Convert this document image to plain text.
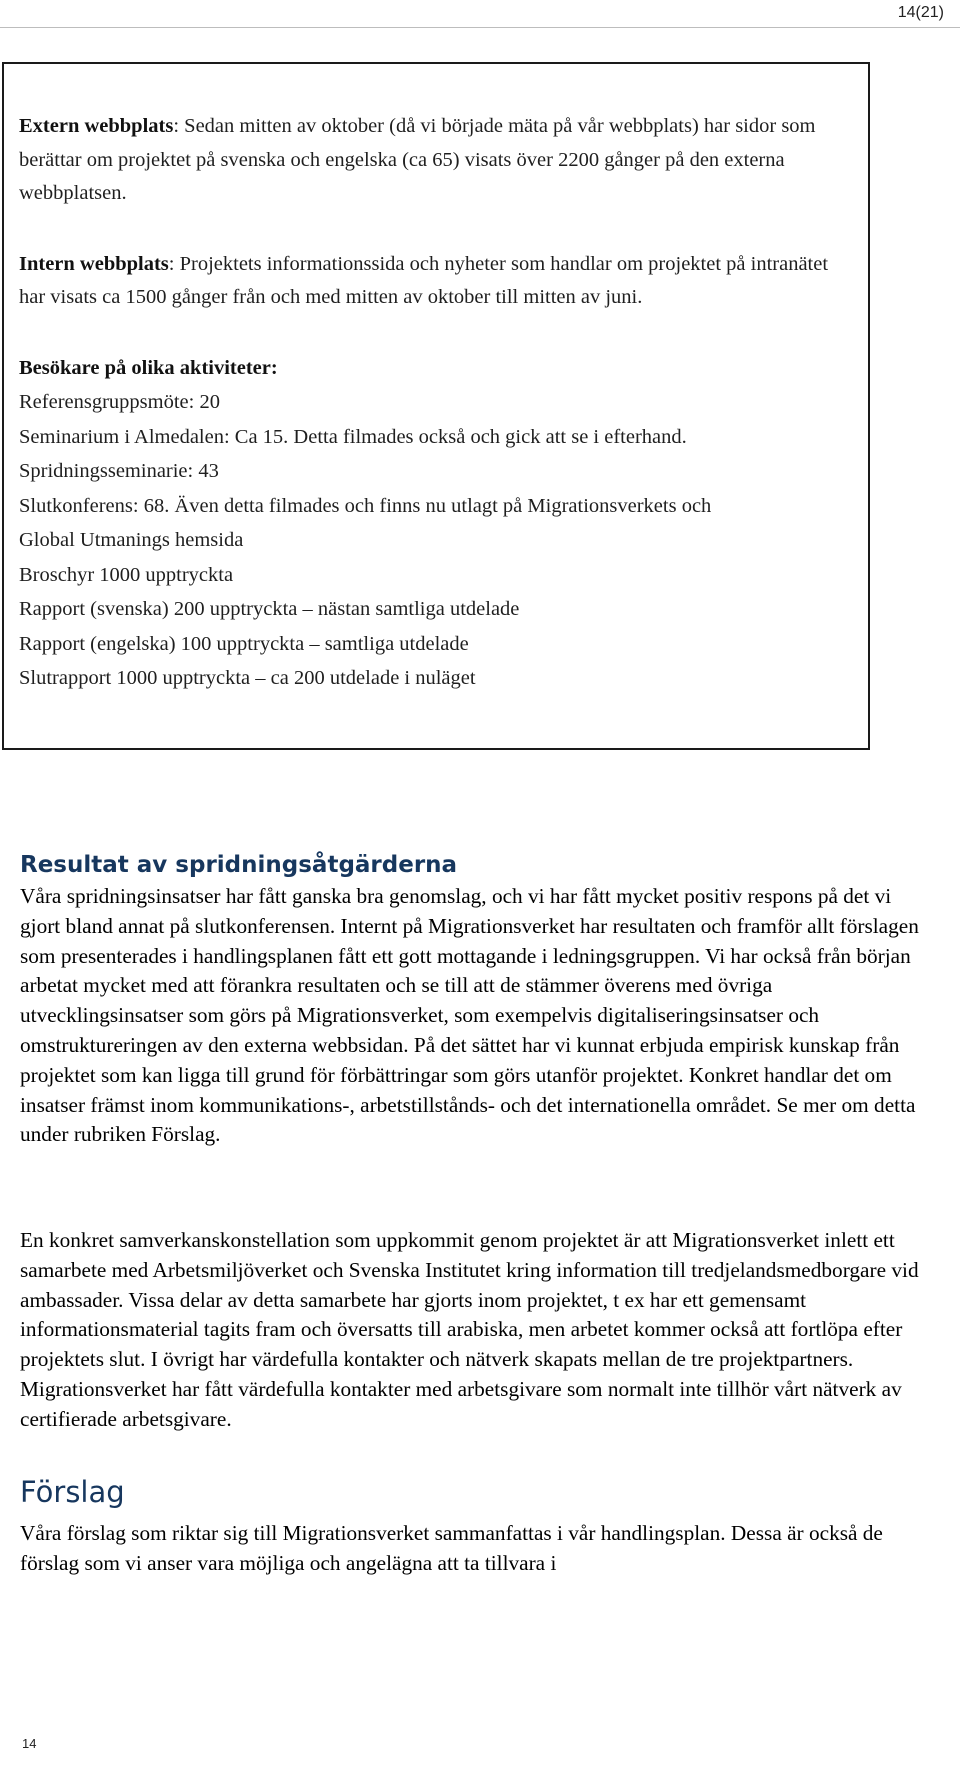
14(21)

Extern webbplats: Sedan mitten av oktober (då vi började mäta på vår webbplats) har sidor som berättar om projektet på svenska och engelska (ca 65) visats över 2200 gånger på den externa webbplatsen.

Intern webbplats: Projektets informationssida och nyheter som handlar om projektet på intranätet har visats ca 1500 gånger från och med mitten av oktober till mitten av juni.

Besökare på olika aktiviteter:

Referensgruppsmöte: 20
Seminarium i Almedalen: Ca 15. Detta filmades också och gick att se i efterhand.
Spridningsseminarie: 43
Slutkonferens: 68. Även detta filmades och finns nu utlagt på Migrationsverkets och
Global Utmanings hemsida
Broschyr 1000 upptryckta
Rapport (svenska) 200 upptryckta – nästan samtliga utdelade
Rapport (engelska) 100 upptryckta – samtliga utdelade
Slutrapport 1000 upptryckta – ca 200 utdelade i nuläget
Resultat av spridningsåtgärderna

Våra spridningsinsatser har fått ganska bra genomslag, och vi har fått mycket positiv respons på det vi gjort bland annat på slutkonferensen. Internt på Migrationsverket har resultaten och framför allt förslagen som presenterades i handlingsplanen fått ett gott mottagande i ledningsgruppen. Vi har också från början arbetat mycket med att förankra resultaten och se till att de stämmer överens med övriga utvecklingsinsatser som görs på Migrationsverket, som exempelvis digitaliseringsinsatser och omstruktureringen av den externa webbsidan. På det sättet har vi kunnat erbjuda empirisk kunskap från projektet som kan ligga till grund för förbättringar som görs utanför projektet. Konkret handlar det om insatser främst inom kommunikations-, arbetstillstånds- och det internationella området. Se mer om detta under rubriken Förslag.

En konkret samverkanskonstellation som uppkommit genom projektet är att Migrationsverket inlett ett samarbete med Arbetsmiljöverket och Svenska Institutet kring information till tredjelandsmedborgare vid ambassader. Vissa delar av detta samarbete har gjorts inom projektet, t ex har ett gemensamt informationsmaterial tagits fram och översatts till arabiska, men arbetet kommer också att fortlöpa efter projektets slut. I övrigt har värdefulla kontakter och nätverk skapats mellan de tre projektpartners. Migrationsverket har fått värdefulla kontakter med arbetsgivare som normalt inte tillhör vårt nätverk av certifierade arbetsgivare.

Förslag

Våra förslag som riktar sig till Migrationsverket sammanfattas i vår handlingsplan. Dessa är också de förslag som vi anser vara möjliga och angelägna att ta tillvara i

14
